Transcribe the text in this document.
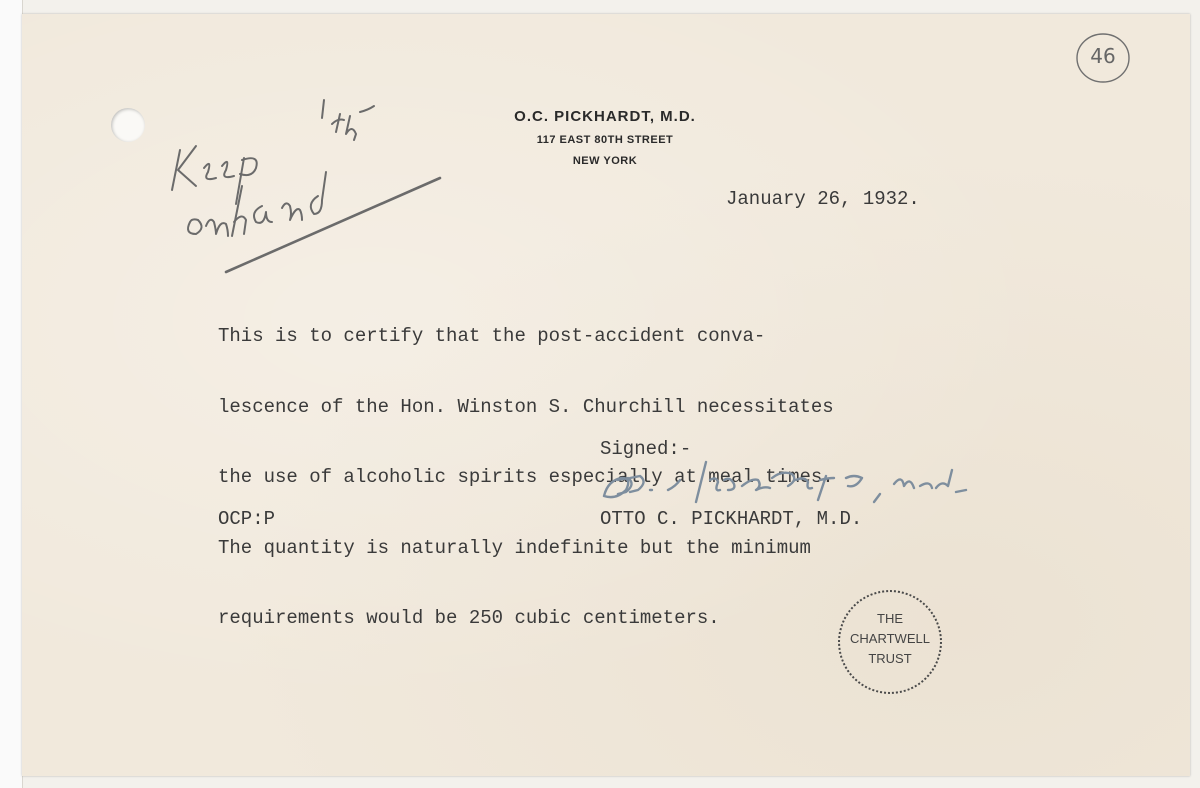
O.C. PICKHARDT, M.D.
117 EAST 80TH STREET
NEW YORK
January 26, 1932.

This is to certify that the post-accident conva-

lescence of the Hon. Winston S. Churchill necessitates

the use of alcoholic spirits especially at meal times.

The quantity is naturally indefinite but the minimum

requirements would be 250 cubic centimeters.

Signed:-
OCP:P	OTTO C. PICKHARDT, M.D.
46
THE
CHARTWELL
TRUST
